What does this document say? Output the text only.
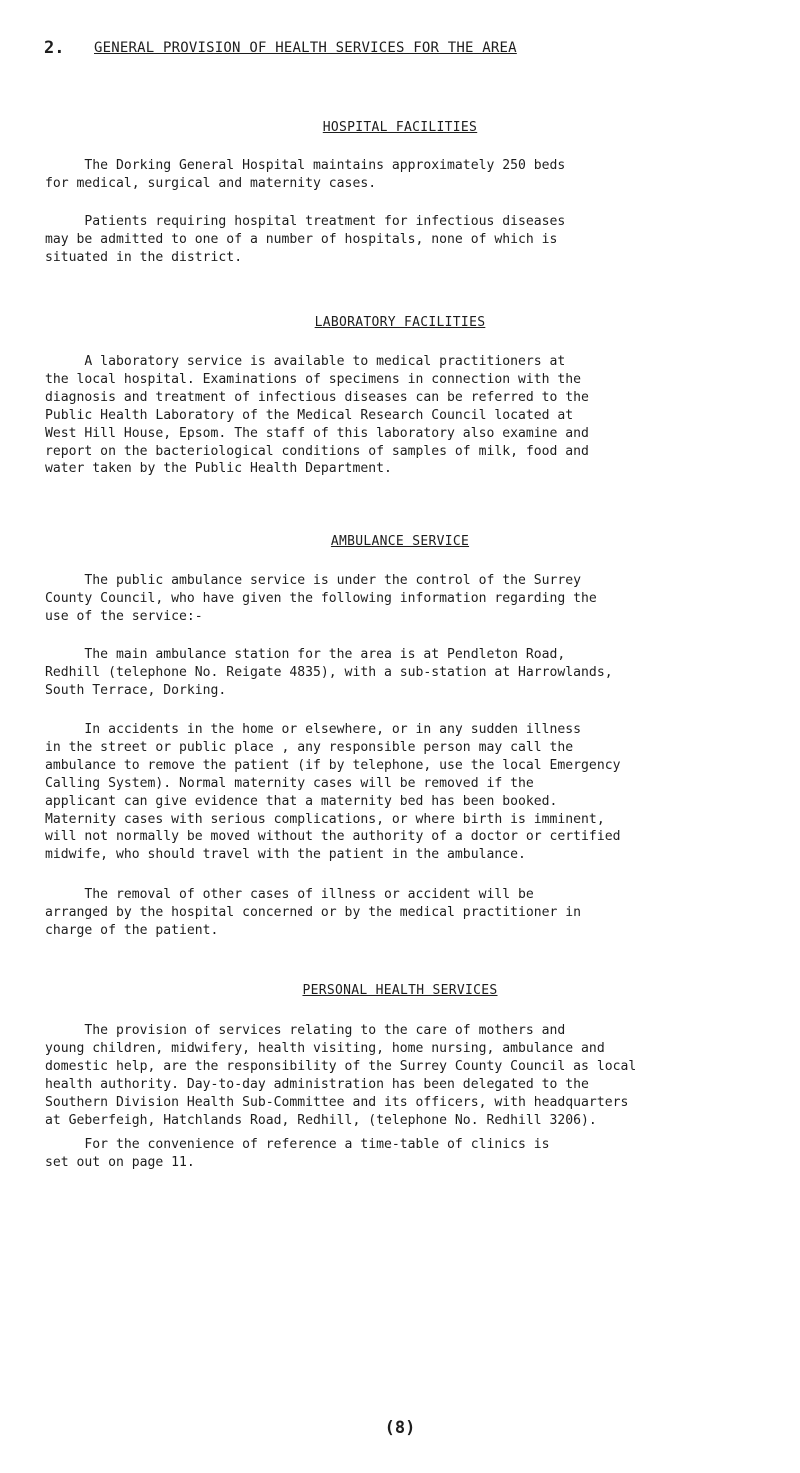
2. GENERAL PROVISION OF HEALTH SERVICES FOR THE AREA
HOSPITAL FACILITIES

The Dorking General Hospital maintains approximately 250 beds
for medical, surgical and maternity cases.

Patients requiring hospital treatment for infectious diseases
may be admitted to one of a number of hospitals, none of which is
situated in the district.

LABORATORY FACILITIES

A laboratory service is available to medical practitioners at
the local hospital. Examinations of specimens in connection with the
diagnosis and treatment of infectious diseases can be referred to the
Public Health Laboratory of the Medical Research Council located at
West Hill House, Epsom. The staff of this laboratory also examine and
report on the bacteriological conditions of samples of milk, food and
water taken by the Public Health Department.

AMBULANCE SERVICE

The public ambulance service is under the control of the Surrey
County Council, who have given the following information regarding the
use of the service:-

The main ambulance station for the area is at Pendleton Road,
Redhill (telephone No. Reigate 4835), with a sub-station at Harrowlands,
South Terrace, Dorking.

In accidents in the home or elsewhere, or in any sudden illness
in the street or public place , any responsible person may call the
ambulance to remove the patient (if by telephone, use the local Emergency
Calling System). Normal maternity cases will be removed if the
applicant can give evidence that a maternity bed has been booked.
Maternity cases with serious complications, or where birth is imminent,
will not normally be moved without the authority of a doctor or certified
midwife, who should travel with the patient in the ambulance.

The removal of other cases of illness or accident will be
arranged by the hospital concerned or by the medical practitioner in
charge of the patient.

PERSONAL HEALTH SERVICES

The provision of services relating to the care of mothers and
young children, midwifery, health visiting, home nursing, ambulance and
domestic help, are the responsibility of the Surrey County Council as local
health authority. Day-to-day administration has been delegated to the
Southern Division Health Sub-Committee and its officers, with headquarters
at Geberfeigh, Hatchlands Road, Redhill, (telephone No. Redhill 3206).

For the convenience of reference a time-table of clinics is
set out on page 11.

(8)
